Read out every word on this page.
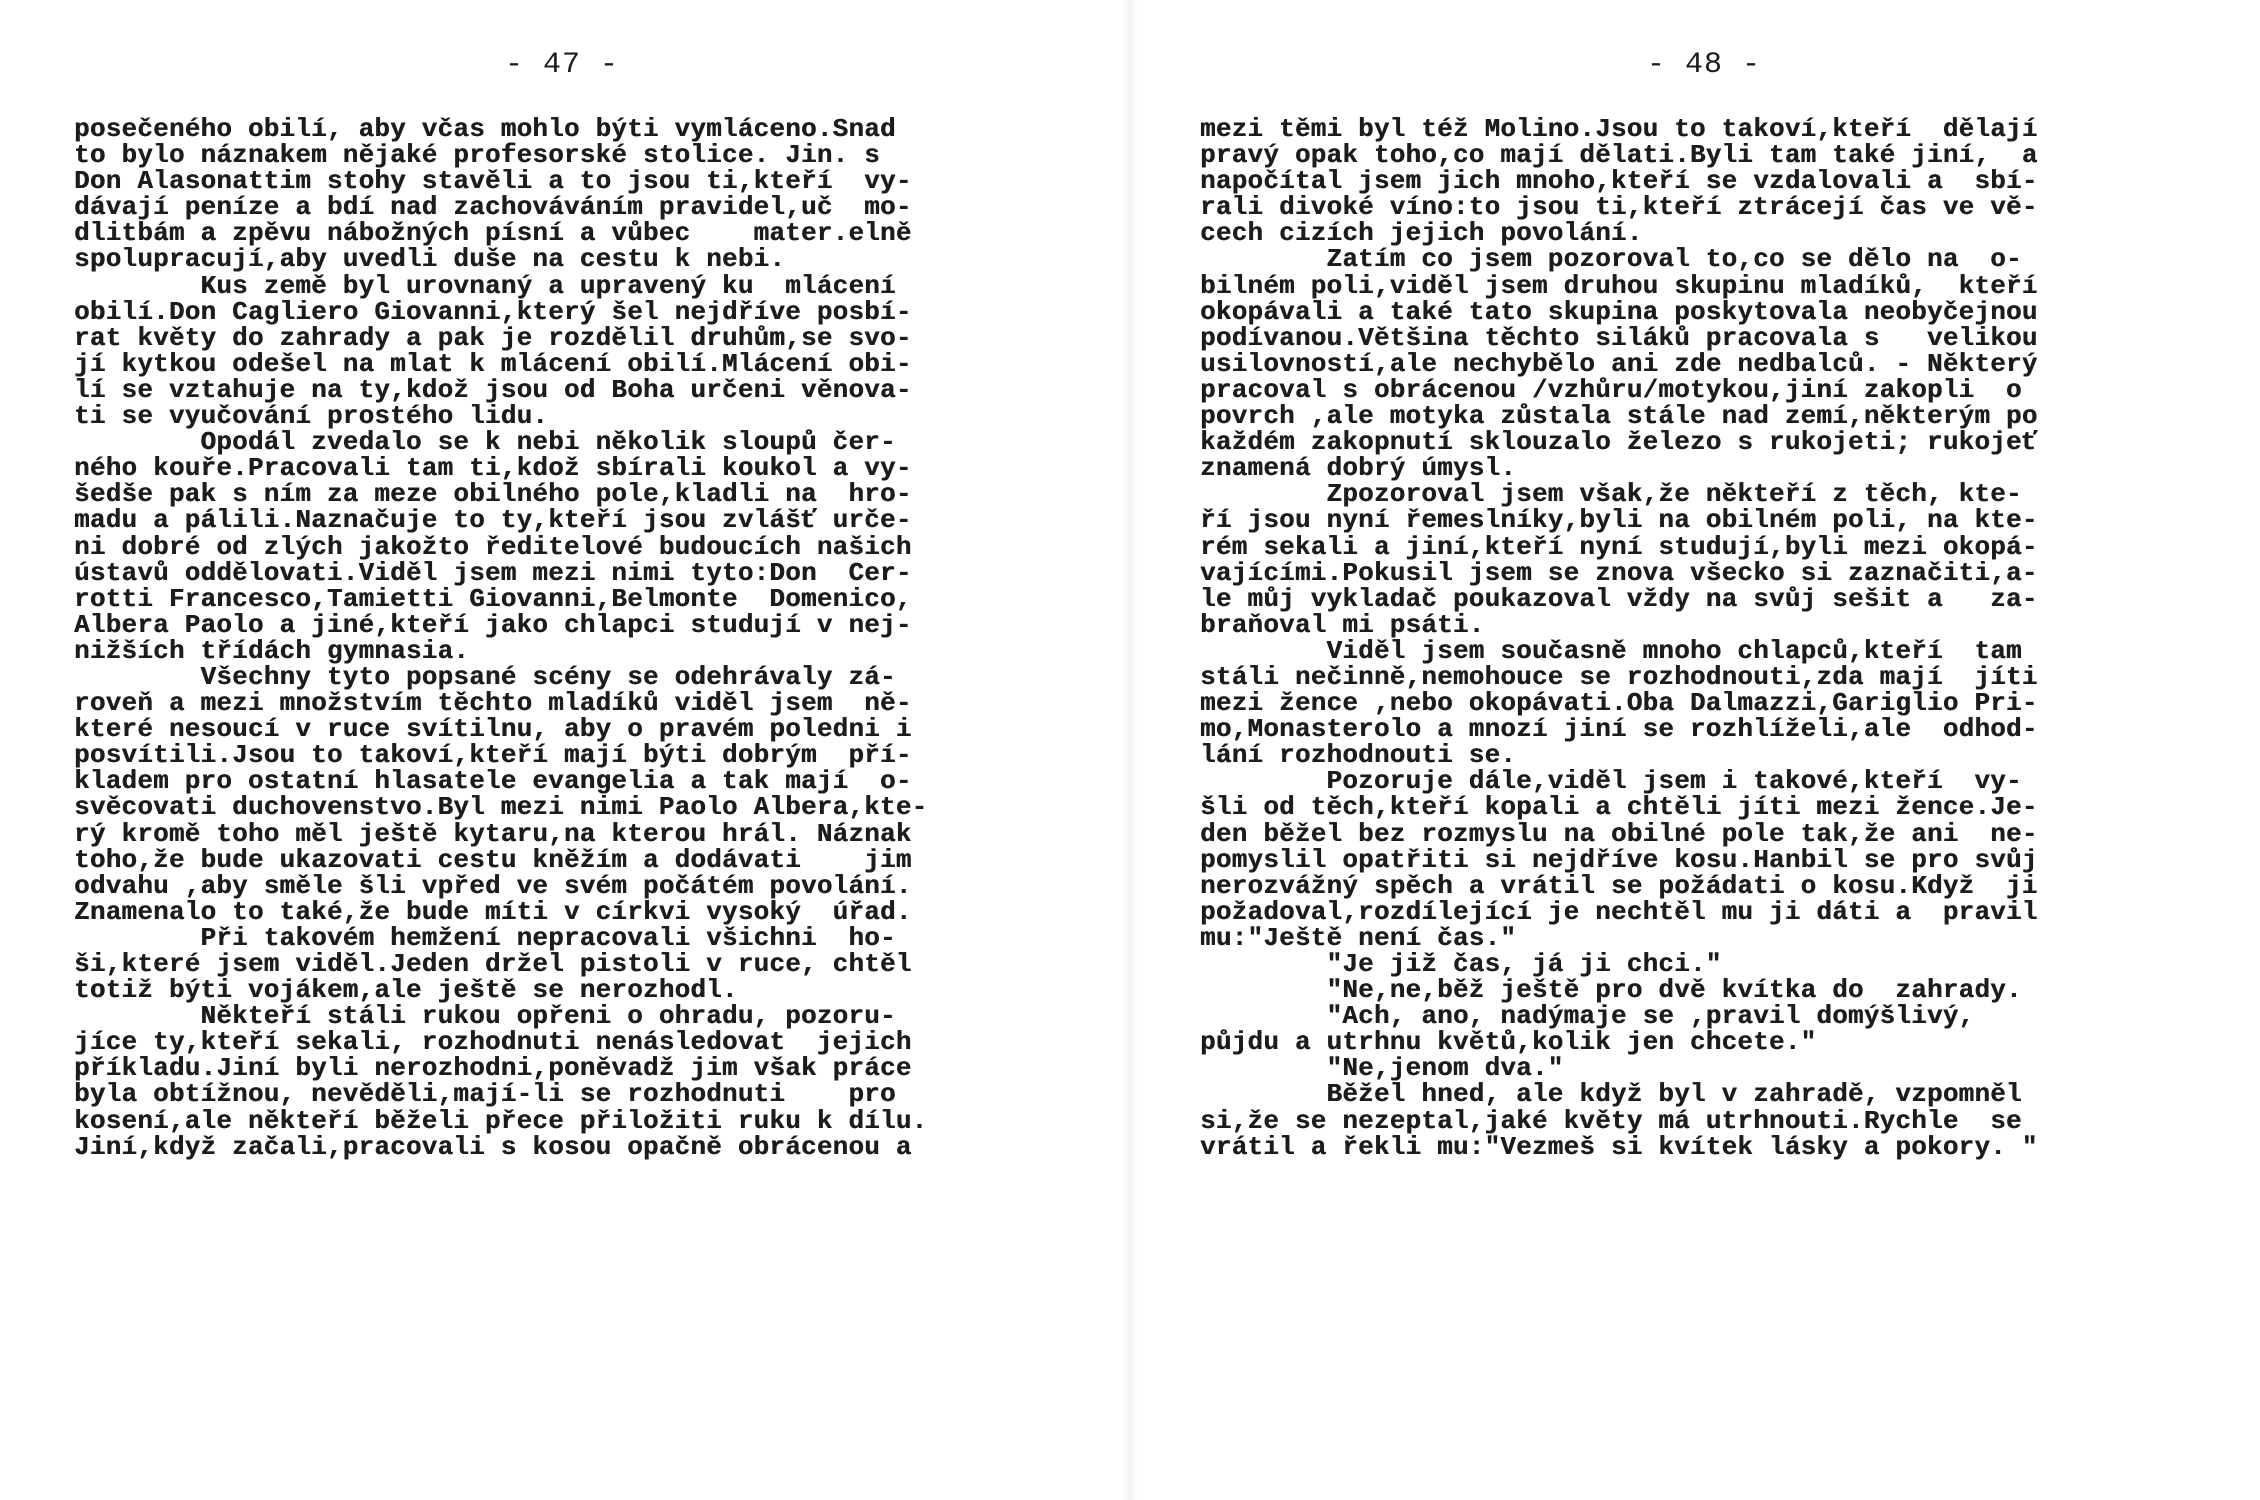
- 47 -
posečeného obilí, aby včas mohlo býti vymláceno.Snad
to bylo náznakem nějaké profesorské stolice. Jin. s
Don Alasonattim stohy stavěli a to jsou ti,kteří  vy-
dávají peníze a bdí nad zachováváním pravidel,uč  mo-
dlitbám a zpěvu nábožných písní a vůbec    mater.elně
spolupracují,aby uvedli duše na cestu k nebi.
Kus země byl urovnaný a upravený ku  mlácení
obilí.Don Cagliero Giovanni,který šel nejdříve posbí-
rat květy do zahrady a pak je rozdělil druhům,se svo-
jí kytkou odešel na mlat k mlácení obilí.Mlácení obi-
lí se vztahuje na ty,kdož jsou od Boha určeni věnova-
ti se vyučování prostého lidu.
Opodál zvedalo se k nebi několik sloupů čer-
ného kouře.Pracovali tam ti,kdož sbírali koukol a vy-
šedše pak s ním za meze obilného pole,kladli na  hro-
madu a pálili.Naznačuje to ty,kteří jsou zvlášť urče-
ni dobré od zlých jakožto ředitelové budoucích našich
ústavů oddělovati.Viděl jsem mezi nimi tyto:Don  Cer-
rotti Francesco,Tamietti Giovanni,Belmonte  Domenico,
Albera Paolo a jiné,kteří jako chlapci studují v nej-
nižších třídách gymnasia.
Všechny tyto popsané scény se odehrávaly zá-
roveň a mezi množstvím těchto mladíků viděl jsem  ně-
které nesoucí v ruce svítilnu, aby o pravém poledni i
posvítili.Jsou to takoví,kteří mají býti dobrým  pří-
kladem pro ostatní hlasatele evangelia a tak mají  o-
svěcovati duchovenstvo.Byl mezi nimi Paolo Albera,kte-
rý kromě toho měl ještě kytaru,na kterou hrál. Náznak
toho,že bude ukazovati cestu kněžím a dodávati    jim
odvahu ,aby směle šli vpřed ve svém počátém povolání.
Znamenalo to také,že bude míti v církvi vysoký  úřad.
Při takovém hemžení nepracovali všichni  ho-
ši,které jsem viděl.Jeden držel pistoli v ruce, chtěl
totiž býti vojákem,ale ještě se nerozhodl.
Někteří stáli rukou opřeni o ohradu, pozoru-
jíce ty,kteří sekali, rozhodnuti nenásledovat  jejich
příkladu.Jiní byli nerozhodni,poněvadž jim však práce
byla obtížnou, nevěděli,mají-li se rozhodnuti    pro
kosení,ale někteří běželi přece přiložiti ruku k dílu.
Jiní,když začali,pracovali s kosou opačně obrácenou a
- 48 -
mezi těmi byl též Molino.Jsou to takoví,kteří  dělají
pravý opak toho,co mají dělati.Byli tam také jiní,  a
napočítal jsem jich mnoho,kteří se vzdalovali a  sbí-
rali divoké víno:to jsou ti,kteří ztrácejí čas ve vě-
cech cizích jejich povolání.
Zatím co jsem pozoroval to,co se dělo na  o-
bilném poli,viděl jsem druhou skupinu mladíků,  kteří
okopávali a také tato skupina poskytovala neobyčejnou
podívanou.Většina těchto siláků pracovala s   velikou
usilovností,ale nechybělo ani zde nedbalců. - Některý
pracoval s obrácenou /vzhůru/motykou,jiní zakopli  o
povrch ,ale motyka zůstala stále nad zemí,některým po
každém zakopnutí sklouzalo železo s rukojeti; rukojeť
znamená dobrý úmysl.
Zpozoroval jsem však,že někteří z těch, kte-
ří jsou nyní řemeslníky,byli na obilném poli, na kte-
rém sekali a jiní,kteří nyní studují,byli mezi okopá-
vajícími.Pokusil jsem se znova všecko si zaznačiti,a-
le můj vykladač poukazoval vždy na svůj sešit a   za-
braňoval mi psáti.
Viděl jsem současně mnoho chlapců,kteří  tam
stáli nečinně,nemohouce se rozhodnouti,zda mají  jíti
mezi žence ,nebo okopávati.Oba Dalmazzi,Gariglio Pri-
mo,Monasterolo a mnozí jiní se rozhlíželi,ale  odhod-
lání rozhodnouti se.
Pozoruje dále,viděl jsem i takové,kteří  vy-
šli od těch,kteří kopali a chtěli jíti mezi žence.Je-
den běžel bez rozmyslu na obilné pole tak,že ani  ne-
pomyslil opatřiti si nejdříve kosu.Hanbil se pro svůj
nerozvážný spěch a vrátil se požádati o kosu.Když  ji
požadoval,rozdílející je nechtěl mu ji dáti a  pravil
mu:"Ještě není čas."
"Je již čas, já ji chci."
"Ne,ne,běž ještě pro dvě kvítka do  zahrady.
"Ach, ano, nadýmaje se ,pravil domýšlivý,
půjdu a utrhnu květů,kolik jen chcete."
"Ne,jenom dva."
Běžel hned, ale když byl v zahradě, vzpomněl
si,že se nezeptal,jaké květy má utrhnouti.Rychle  se
vrátil a řekli mu:"Vezmeš si kvítek lásky a pokory. "
